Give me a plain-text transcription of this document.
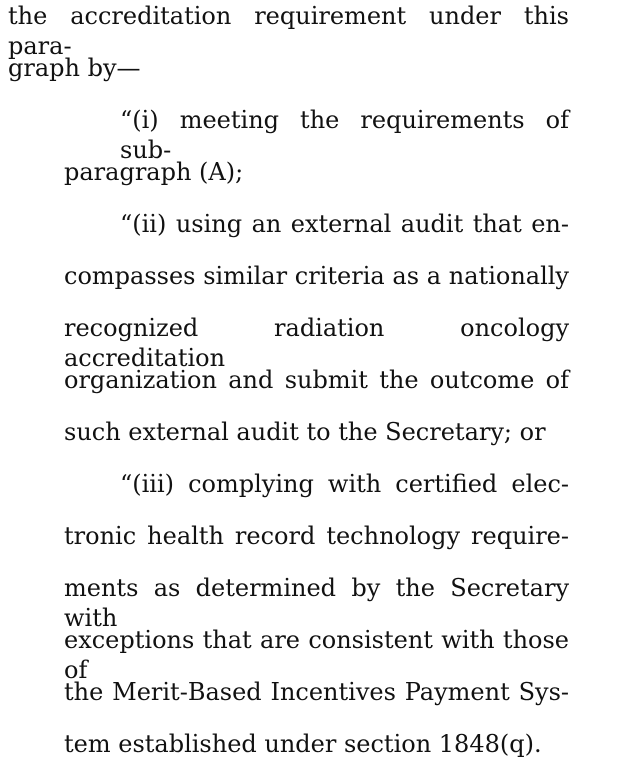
the accreditation requirement under this para-
graph by—
“(i) meeting the requirements of sub-
paragraph (A);
“(ii) using an external audit that en-
compasses similar criteria as a nationally
recognized radiation oncology accreditation
organization and submit the outcome of
such external audit to the Secretary; or
“(iii) complying with certified elec-
tronic health record technology require-
ments as determined by the Secretary with
exceptions that are consistent with those of
the Merit-Based Incentives Payment Sys-
tem established under section 1848(q).
